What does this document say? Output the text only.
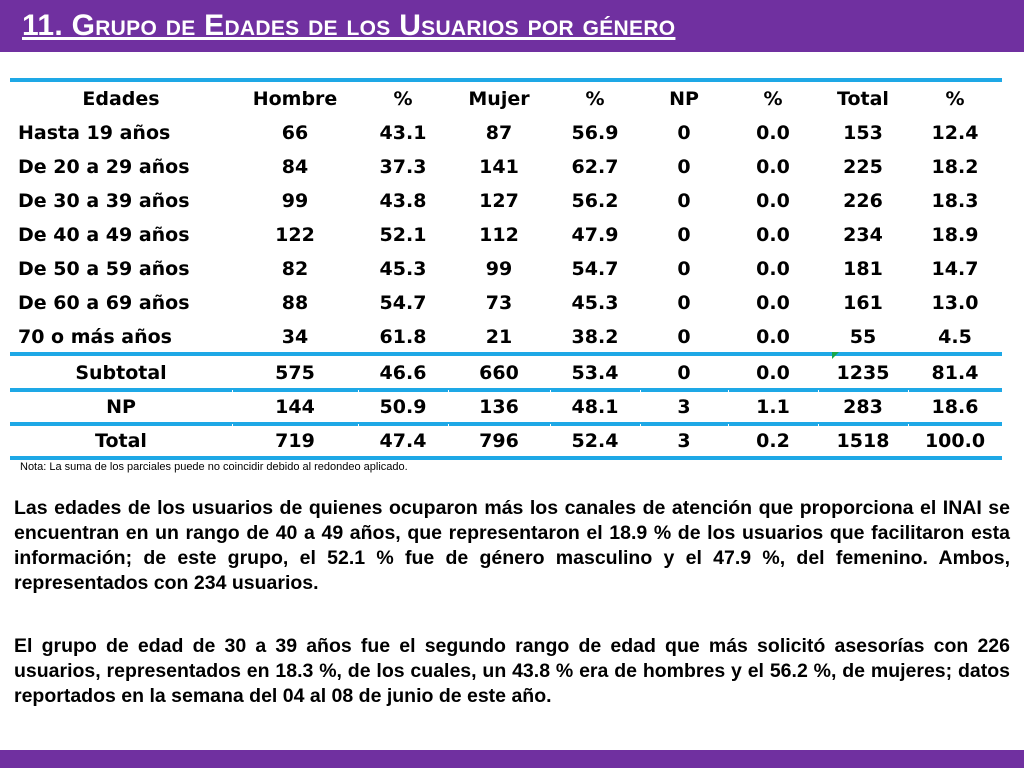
11. Grupo de Edades de los Usuarios por género
Edades	Hombre	%	Mujer	%	NP	%	Total	%
Hasta 19 años	66	43.1	87	56.9	0	0.0	153	12.4
De 20 a 29 años	84	37.3	141	62.7	0	0.0	225	18.2
De 30 a 39 años	99	43.8	127	56.2	0	0.0	226	18.3
De 40 a 49 años	122	52.1	112	47.9	0	0.0	234	18.9
De 50 a 59 años	82	45.3	99	54.7	0	0.0	181	14.7
De 60 a 69 años	88	54.7	73	45.3	0	0.0	161	13.0
70 o más años	34	61.8	21	38.2	0	0.0	55	4.5
Subtotal	575	46.6	660	53.4	0	0.0	1235	81.4
NP	144	50.9	136	48.1	3	1.1	283	18.6
Total	719	47.4	796	52.4	3	0.2	1518	100.0
Nota: La suma de los parciales puede no coincidir debido al redondeo aplicado.
Las edades de los usuarios de quienes ocuparon más los canales de atención que proporciona el INAI se encuentran en un rango de 40 a 49 años, que representaron el 18.9 % de los usuarios que facilitaron esta información; de este grupo, el 52.1 % fue de género masculino y el 47.9 %, del femenino. Ambos, representados con 234 usuarios.
El grupo de edad de 30 a 39 años fue el segundo rango de edad que más solicitó asesorías con 226 usuarios, representados en 18.3 %, de los cuales, un 43.8 % era de hombres y el 56.2 %, de mujeres; datos reportados en la semana del 04 al 08 de junio de este año.
